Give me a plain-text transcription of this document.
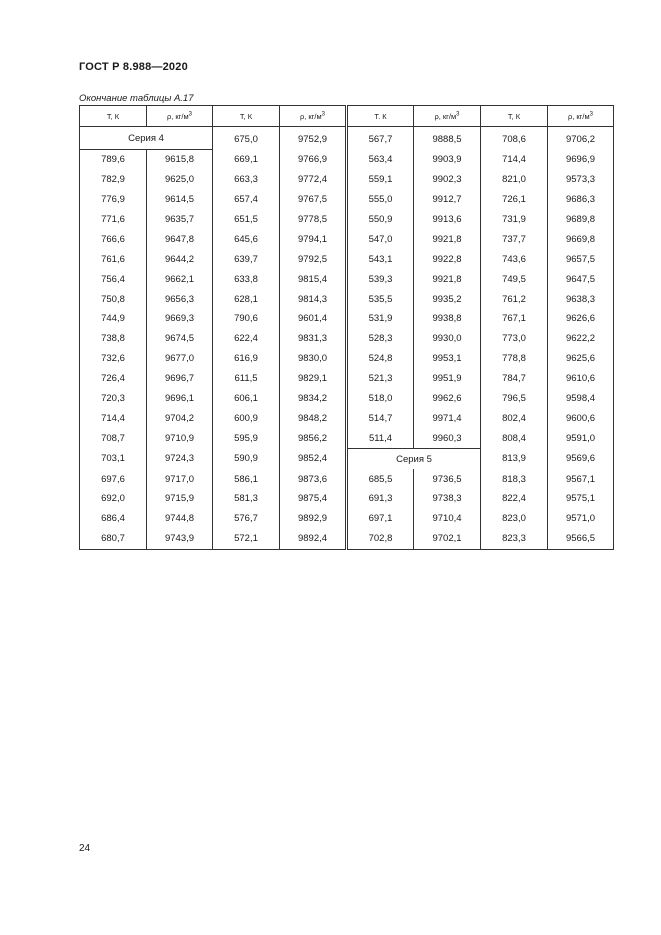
ГОСТ Р 8.988—2020
Окончание таблицы А.17
T, К	ρ, $кг/м^3$	T, К	ρ, $кг/м^3$	T. К	ρ, $кг/м^3$	T, К	ρ, $кг/м^3$
Серия 4		675,0	9752,9	567,7	9888,5	708,6	9706,2
789,6	9615,8	669,1	9766,9	563,4	9903,9	714,4	9696,9
782,9	9625,0	663,3	9772,4	559,1	9902,3	821,0	9573,3
776,9	9614,5	657,4	9767,5	555,0	9912,7	726,1	9686,3
771,6	9635,7	651,5	9778,5	550,9	9913,6	731,9	9689,8
766,6	9647,8	645,6	9794,1	547,0	9921,8	737,7	9669,8
761,6	9644,2	639,7	9792,5	543,1	9922,8	743,6	9657,5
756,4	9662,1	633,8	9815,4	539,3	9921,8	749,5	9647,5
750,8	9656,3	628,1	9814,3	535,5	9935,2	761,2	9638,3
744,9	9669,3	790,6	9601,4	531,9	9938,8	767,1	9626,6
738,8	9674,5	622,4	9831,3	528,3	9930,0	773,0	9622,2
732,6	9677,0	616,9	9830,0	524,8	9953,1	778,8	9625,6
726,4	9696,7	611,5	9829,1	521,3	9951,9	784,7	9610,6
720,3	9696,1	606,1	9834,2	518,0	9962,6	796,5	9598,4
714,4	9704,2	600,9	9848,2	514,7	9971,4	802,4	9600,6
708,7	9710,9	595,9	9856,2	511,4	9960,3	808,4	9591,0
703,1	9724,3	590,9	9852,4	Серия 5		813,9	9569,6
697,6	9717,0	586,1	9873,6	685,5	9736,5	818,3	9567,1
692,0	9715,9	581,3	9875,4	691,3	9738,3	822,4	9575,1
686,4	9744,8	576,7	9892,9	697,1	9710,4	823,0	9571,0
680,7	9743,9	572,1	9892,4	702,8	9702,1	823,3	9566,5
24
